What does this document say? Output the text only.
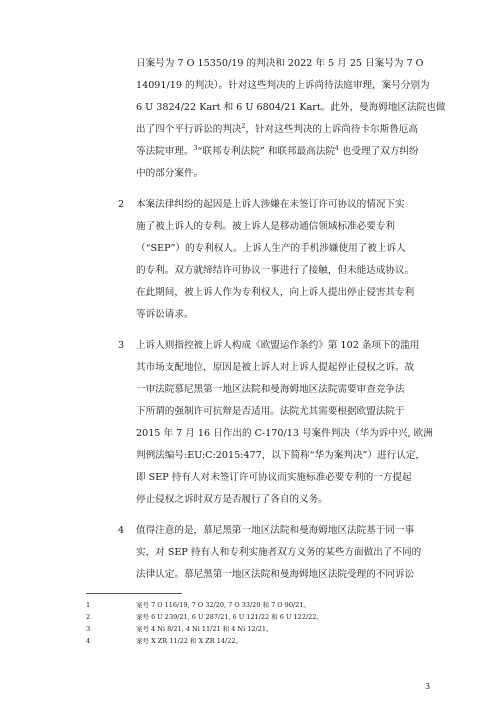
日案号为 7 O 15350/19 的判决和 2022 年 5 月 25 日案号为 7 O
14091/19 的判决）。针对这些判决的上诉尚待法庭审理，案号分别为
6 U 3824/22 Kart 和 6 U 6804/21 Kart。此外，曼海姆地区法院也做
出了四个平行诉讼的判决$^2$，针对这些判决的上诉尚待卡尔斯鲁厄高
等法院审理。$^3$“联邦专利法院” 和联邦最高法院$^4$ 也受理了双方纠纷
中的部分案件。
2 本案法律纠纷的起因是上诉人涉嫌在未签订许可协议的情况下实
施了被上诉人的专利。被上诉人是移动通信领域标准必要专利
（“SEP”）的专利权人。上诉人生产的手机涉嫌使用了被上诉人
的专利。双方就缔结许可协议一事进行了接触，但未能达成协议。
在此期间，被上诉人作为专利权人，向上诉人提出停止侵害其专利
等诉讼请求。
3 上诉人则指控被上诉人构成《欧盟运作条约》第 102 条项下的滥用
其市场支配地位，原因是被上诉人对上诉人提起停止侵权之诉。故
一审法院慕尼黑第一地区法院和曼海姆地区法院需要审查竞争法
下所谓的强制许可抗辩是否适用。法院尤其需要根据欧盟法院于
2015 年 7 月 16 日作出的 C-170/13 号案件判决（华为诉中兴, 欧洲
判例法编号:EU:C:2015:477，以下简称“华为案判决”）进行认定，
即 SEP 持有人对未签订许可协议而实施标准必要专利的一方提起
停止侵权之诉时双方是否履行了各自的义务。
4 值得注意的是，慕尼黑第一地区法院和曼海姆地区法院基于同一事
实，对 SEP 持有人和专利实施者双方义务的某些方面做出了不同的
法律认定。慕尼黑第一地区法院和曼海姆地区法院受理的不同诉讼
1	案号 7 O 116/19, 7 O 32/20, 7 O 33/20 和 7 O 90/21。
2	案号 6 U 239/21, 6 U 287/21, 6 U 121/22 和 6 U 122/22。
3	案号 4 Ni 8/21, 4 Ni 11/21 和 4 Ni 12/21。
4	案号 X ZR 11/22 和 X ZR 14/22。
3
